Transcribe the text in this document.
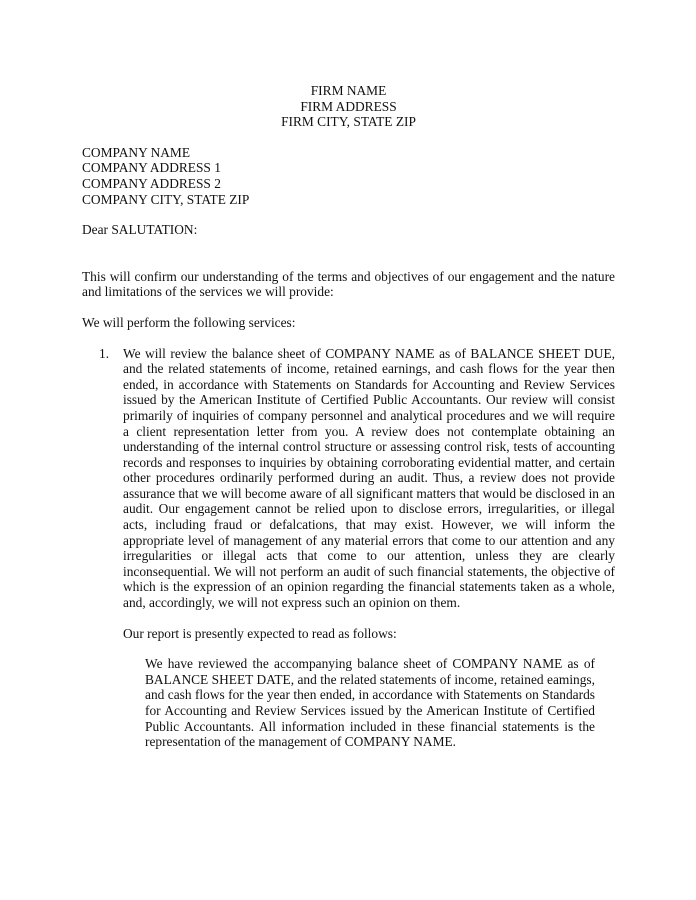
FIRM NAME
FIRM ADDRESS
FIRM CITY, STATE ZIP
COMPANY NAME
COMPANY ADDRESS 1
COMPANY ADDRESS 2
COMPANY CITY, STATE ZIP
Dear SALUTATION:
This will confirm our understanding of the terms and objectives of our engagement and the nature and limitations of the services we will provide:
We will perform the following services:
1. We will review the balance sheet of COMPANY NAME as of BALANCE SHEET DUE, and the related statements of income, retained earnings, and cash flows for the year then ended, in accordance with Statements on Standards for Accounting and Review Services issued by the American Institute of Certified Public Accountants. Our review will consist primarily of inquiries of company personnel and analytical procedures and we will require a client representation letter from you. A review does not contemplate obtaining an understanding of the internal control structure or assessing control risk, tests of accounting records and responses to inquiries by obtaining corroborating evidential matter, and certain other procedures ordinarily performed during an audit. Thus, a review does not provide assurance that we will become aware of all significant matters that would be disclosed in an audit. Our engagement cannot be relied upon to disclose errors, irregularities, or illegal acts, including fraud or defalcations, that may exist. However, we will inform the appropriate level of management of any material errors that come to our attention and any irregularities or illegal acts that come to our attention, unless they are clearly inconsequential. We will not perform an audit of such financial statements, the objective of which is the expression of an opinion regarding the financial statements taken as a whole, and, accordingly, we will not express such an opinion on them.
Our report is presently expected to read as follows:
We have reviewed the accompanying balance sheet of COMPANY NAME as of BALANCE SHEET DATE, and the related statements of income, retained eamings, and cash flows for the year then ended, in accordance with Statements on Standards for Accounting and Review Services issued by the American Institute of Certified Public Accountants. All information included in these financial statements is the representation of the management of COMPANY NAME.
